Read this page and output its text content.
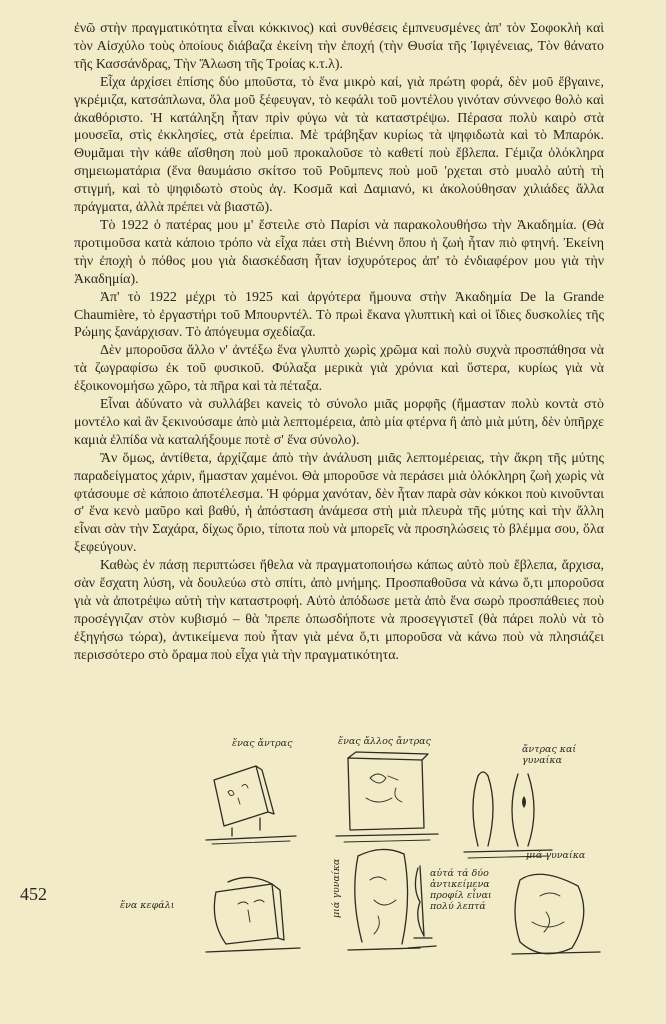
ἐνῶ στὴν πραγματικότητα εἶναι κόκκινος) καὶ συνθέσεις ἐμπνευσμένες ἀπ' τὸν Σοφοκλὴ καὶ τὸν Αἰσχύλο τοὺς ὁποίους διάβαζα ἐκείνη τὴν ἐποχή (τὴν Θυσία τῆς Ἰφιγένειας, Τὸν θάνατο τῆς Κασσάνδρας, Τὴν Ἅλωση τῆς Τροίας κ.τ.λ).

Εἶχα ἀρχίσει ἐπίσης δύο μποῦστα, τὸ ἕνα μικρὸ καί, γιὰ πρώτη φορά, δὲν μοῦ ἔβγαινε, γκρέμιζα, κατσάπλωνα, ὅλα μοῦ ξέφευγαν, τὸ κεφάλι τοῦ μοντέλου γινόταν σύννεφο θολὸ καὶ ἀκαθόριστο. Ἡ κατάληξη ἦταν πρὶν φύγω νὰ τὰ καταστρέψω. Πέρασα πολὺ καιρὸ στὰ μουσεῖα, στὶς ἐκκλησίες, στὰ ἐρείπια. Μὲ τράβηξαν κυρίως τὰ ψηφιδωτὰ καὶ τὸ Μπαρόκ. Θυμᾶμαι τὴν κάθε αἴσθηση ποὺ μοῦ προκαλοῦσε τὸ καθετί ποὺ ἔβλεπα. Γέμιζα ὁλόκληρα σημειωματάρια (ἕνα θαυμάσιο σκίτσο τοῦ Ροῦμπενς ποὺ μοῦ 'ρχεται στὸ μυαλὸ αὐτὴ τὴ στιγμή, καὶ τὸ ψηφιδωτὸ στοὺς ἁγ. Κοσμᾶ καὶ Δαμιανό, κι ἀκολούθησαν χιλιάδες ἄλλα πράγματα, ἀλλὰ πρέπει νὰ βιαστῶ).

Τὸ 1922 ὁ πατέρας μου μ' ἔστειλε στὸ Παρίσι νὰ παρακολουθήσω τὴν Ἀκαδημία. (Θὰ προτιμοῦσα κατὰ κάποιο τρόπο νὰ εἶχα πάει στὴ Βιέννη ὅπου ἡ ζωὴ ἦταν πιὸ φτηνή. Ἐκείνη τὴν ἐποχὴ ὁ πόθος μου γιὰ διασκέδαση ἦταν ἰσχυρότερος ἀπ' τὸ ἐνδιαφέρον μου γιὰ τὴν Ἀκαδημία).

Ἀπ' τὸ 1922 μέχρι τὸ 1925 καὶ ἀργότερα ἤμουνα στὴν Ἀκαδημία De la Grande Chaumière, τὸ ἐργαστήρι τοῦ Μπουρντέλ. Τὸ πρωὶ ἔκανα γλυπτικὴ καὶ οἱ ἴδιες δυσκολίες τῆς Ρώμης ξανάρχισαν. Τὸ ἀπόγευμα σχεδίαζα.

Δὲν μποροῦσα ἄλλο ν' ἀντέξω ἕνα γλυπτὸ χωρὶς χρῶμα καὶ πολὺ συχνὰ προσπάθησα νὰ τὰ ζωγραφίσω ἐκ τοῦ φυσικοῦ. Φύλαξα μερικὰ γιὰ χρόνια καὶ ὕστερα, κυρίως γιὰ νὰ ἐξοικονομήσω χῶρο, τὰ πῆρα καὶ τὰ πέταξα.

Εἶναι ἀδύνατο νὰ συλλάβει κανεὶς τὸ σύνολο μιᾶς μορφῆς (ἤμασταν πολὺ κοντὰ στὸ μοντέλο καὶ ἂν ξεκινούσαμε ἀπὸ μιὰ λεπτομέρεια, ἀπὸ μία φτέρνα ἢ ἀπὸ μιὰ μύτη, δὲν ὑπῆρχε καμιὰ ἐλπίδα νὰ καταλήξουμε ποτὲ σ' ἕνα σύνολο).

Ἂν ὅμως, ἀντίθετα, ἀρχίζαμε ἀπὸ τὴν ἀνάλυση μιᾶς λεπτομέρειας, τὴν ἄκρη τῆς μύτης παραδείγματος χάριν, ἤμασταν χαμένοι. Θὰ μποροῦσε νὰ περάσει μιὰ ὁλόκληρη ζωὴ χωρὶς νὰ φτάσουμε σὲ κάποιο ἀποτέλεσμα. Ἡ φόρμα χανόταν, δὲν ἦταν παρὰ σὰν κόκκοι ποὺ κινοῦνται σ' ἕνα κενὸ μαῦρο καὶ βαθύ, ἡ ἀπόσταση ἀνάμεσα στὴ μιὰ πλευρὰ τῆς μύτης καὶ τὴν ἄλλη εἶναι σὰν τὴν Σαχάρα, δίχως ὅριο, τίποτα ποὺ νὰ μπορεῖς νὰ προσηλώσεις τὸ βλέμμα σου, ὅλα ξεφεύγουν.

Καθὼς ἐν πάσῃ περιπτώσει ἤθελα νὰ πραγματοποιήσω κάπως αὐτὸ ποὺ ἔβλεπα, ἄρχισα, σὰν ἔσχατη λύση, νὰ δουλεύω στὸ σπίτι, ἀπὸ μνήμης. Προσπαθοῦσα νὰ κάνω ὅ,τι μποροῦσα γιὰ νὰ ἀποτρέψω αὐτὴ τὴν καταστροφή. Αὐτὸ ἀπόδωσε μετὰ ἀπὸ ἕνα σωρὸ προσπάθειες ποὺ προσέγγιζαν στὸν κυβισμό – θὰ 'πρεπε ὁπωσδήποτε νὰ προσεγγιστεῖ (θὰ πάρει πολὺ νὰ τὸ ἐξηγήσω τώρα), ἀντικείμενα ποὺ ἦταν γιὰ μένα ὅ,τι μποροῦσα νὰ κάνω ποὺ νὰ πλησιάζει περισσότερο στὸ ὅραμα ποὺ εἶχα γιὰ τὴν πραγματικότητα.

452
ἕνας ἄντρας	ἕνας ἄλλος ἄντρας
ἄντρας καί γυναίκα
ἕνα κεφάλι	μιά γυναίκα	αὐτά τά δύο ἀντικείμενα προφίλ εἶναι πολύ λεπτά
μιά γυναίκα
